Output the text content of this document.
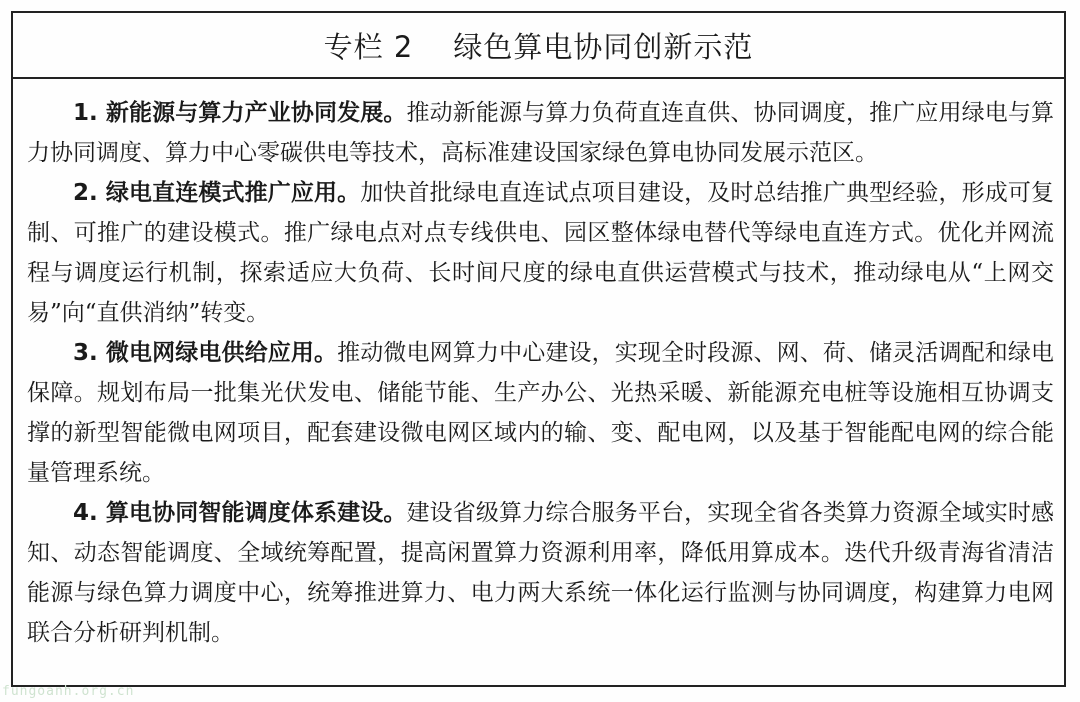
专栏 2 绿色算电协同创新示范

1. 新能源与算力产业协同发展。推动新能源与算力负荷直连直供、协同调度，推广应用绿电与算力协同调度、算力中心零碳供电等技术，高标准建设国家绿色算电协同发展示范区。

2. 绿电直连模式推广应用。加快首批绿电直连试点项目建设，及时总结推广典型经验，形成可复制、可推广的建设模式。推广绿电点对点专线供电、园区整体绿电替代等绿电直连方式。优化并网流程与调度运行机制，探索适应大负荷、长时间尺度的绿电直供运营模式与技术，推动绿电从“上网交易”向“直供消纳”转变。

3. 微电网绿电供给应用。推动微电网算力中心建设，实现全时段源、网、荷、储灵活调配和绿电保障。规划布局一批集光伏发电、储能节能、生产办公、光热采暖、新能源充电桩等设施相互协调支撑的新型智能微电网项目，配套建设微电网区域内的输、变、配电网，以及基于智能配电网的综合能量管理系统。

4. 算电协同智能调度体系建设。建设省级算力综合服务平台，实现全省各类算力资源全域实时感知、动态智能调度、全域统筹配置，提高闲置算力资源利用率，降低用算成本。迭代升级青海省清洁能源与绿色算力调度中心，统筹推进算力、电力两大系统一体化运行监测与协同调度，构建算力电网联合分析研判机制。

fungoanh.org.cn
